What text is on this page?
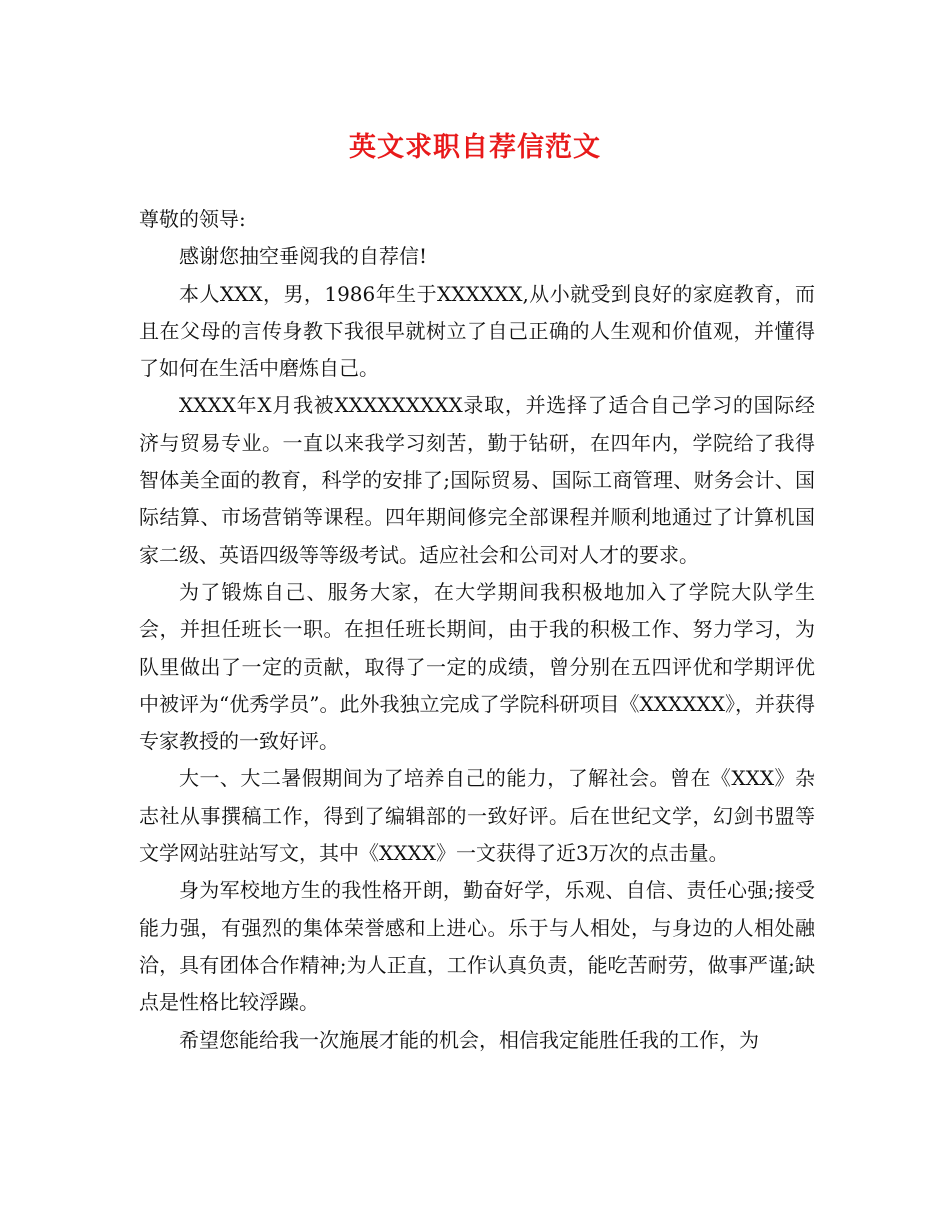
英文求职自荐信范文

尊敬的领导:

感谢您抽空垂阅我的自荐信!

本人XXX，男，1986年生于XXXXXX,从小就受到良好的家庭教育，而且在父母的言传身教下我很早就树立了自己正确的人生观和价值观，并懂得了如何在生活中磨炼自己。

XXXX年X月我被XXXXXXXXX录取，并选择了适合自己学习的国际经济与贸易专业。一直以来我学习刻苦，勤于钻研，在四年内，学院给了我得智体美全面的教育，科学的安排了;国际贸易、国际工商管理、财务会计、国际结算、市场营销等课程。四年期间修完全部课程并顺利地通过了计算机国家二级、英语四级等等级考试。适应社会和公司对人才的要求。

为了锻炼自己、服务大家，在大学期间我积极地加入了学院大队学生会，并担任班长一职。在担任班长期间，由于我的积极工作、努力学习，为队里做出了一定的贡献，取得了一定的成绩，曾分别在五四评优和学期评优中被评为“优秀学员”。此外我独立完成了学院科研项目《XXXXXX》，并获得专家教授的一致好评。

大一、大二暑假期间为了培养自己的能力，了解社会。曾在《XXX》杂志社从事撰稿工作，得到了编辑部的一致好评。后在世纪文学，幻剑书盟等文学网站驻站写文，其中《XXXX》一文获得了近3万次的点击量。

身为军校地方生的我性格开朗，勤奋好学，乐观、自信、责任心强;接受能力强，有强烈的集体荣誉感和上进心。乐于与人相处，与身边的人相处融洽，具有团体合作精神;为人正直，工作认真负责，能吃苦耐劳，做事严谨;缺点是性格比较浮躁。

希望您能给我一次施展才能的机会，相信我定能胜任我的工作，为
